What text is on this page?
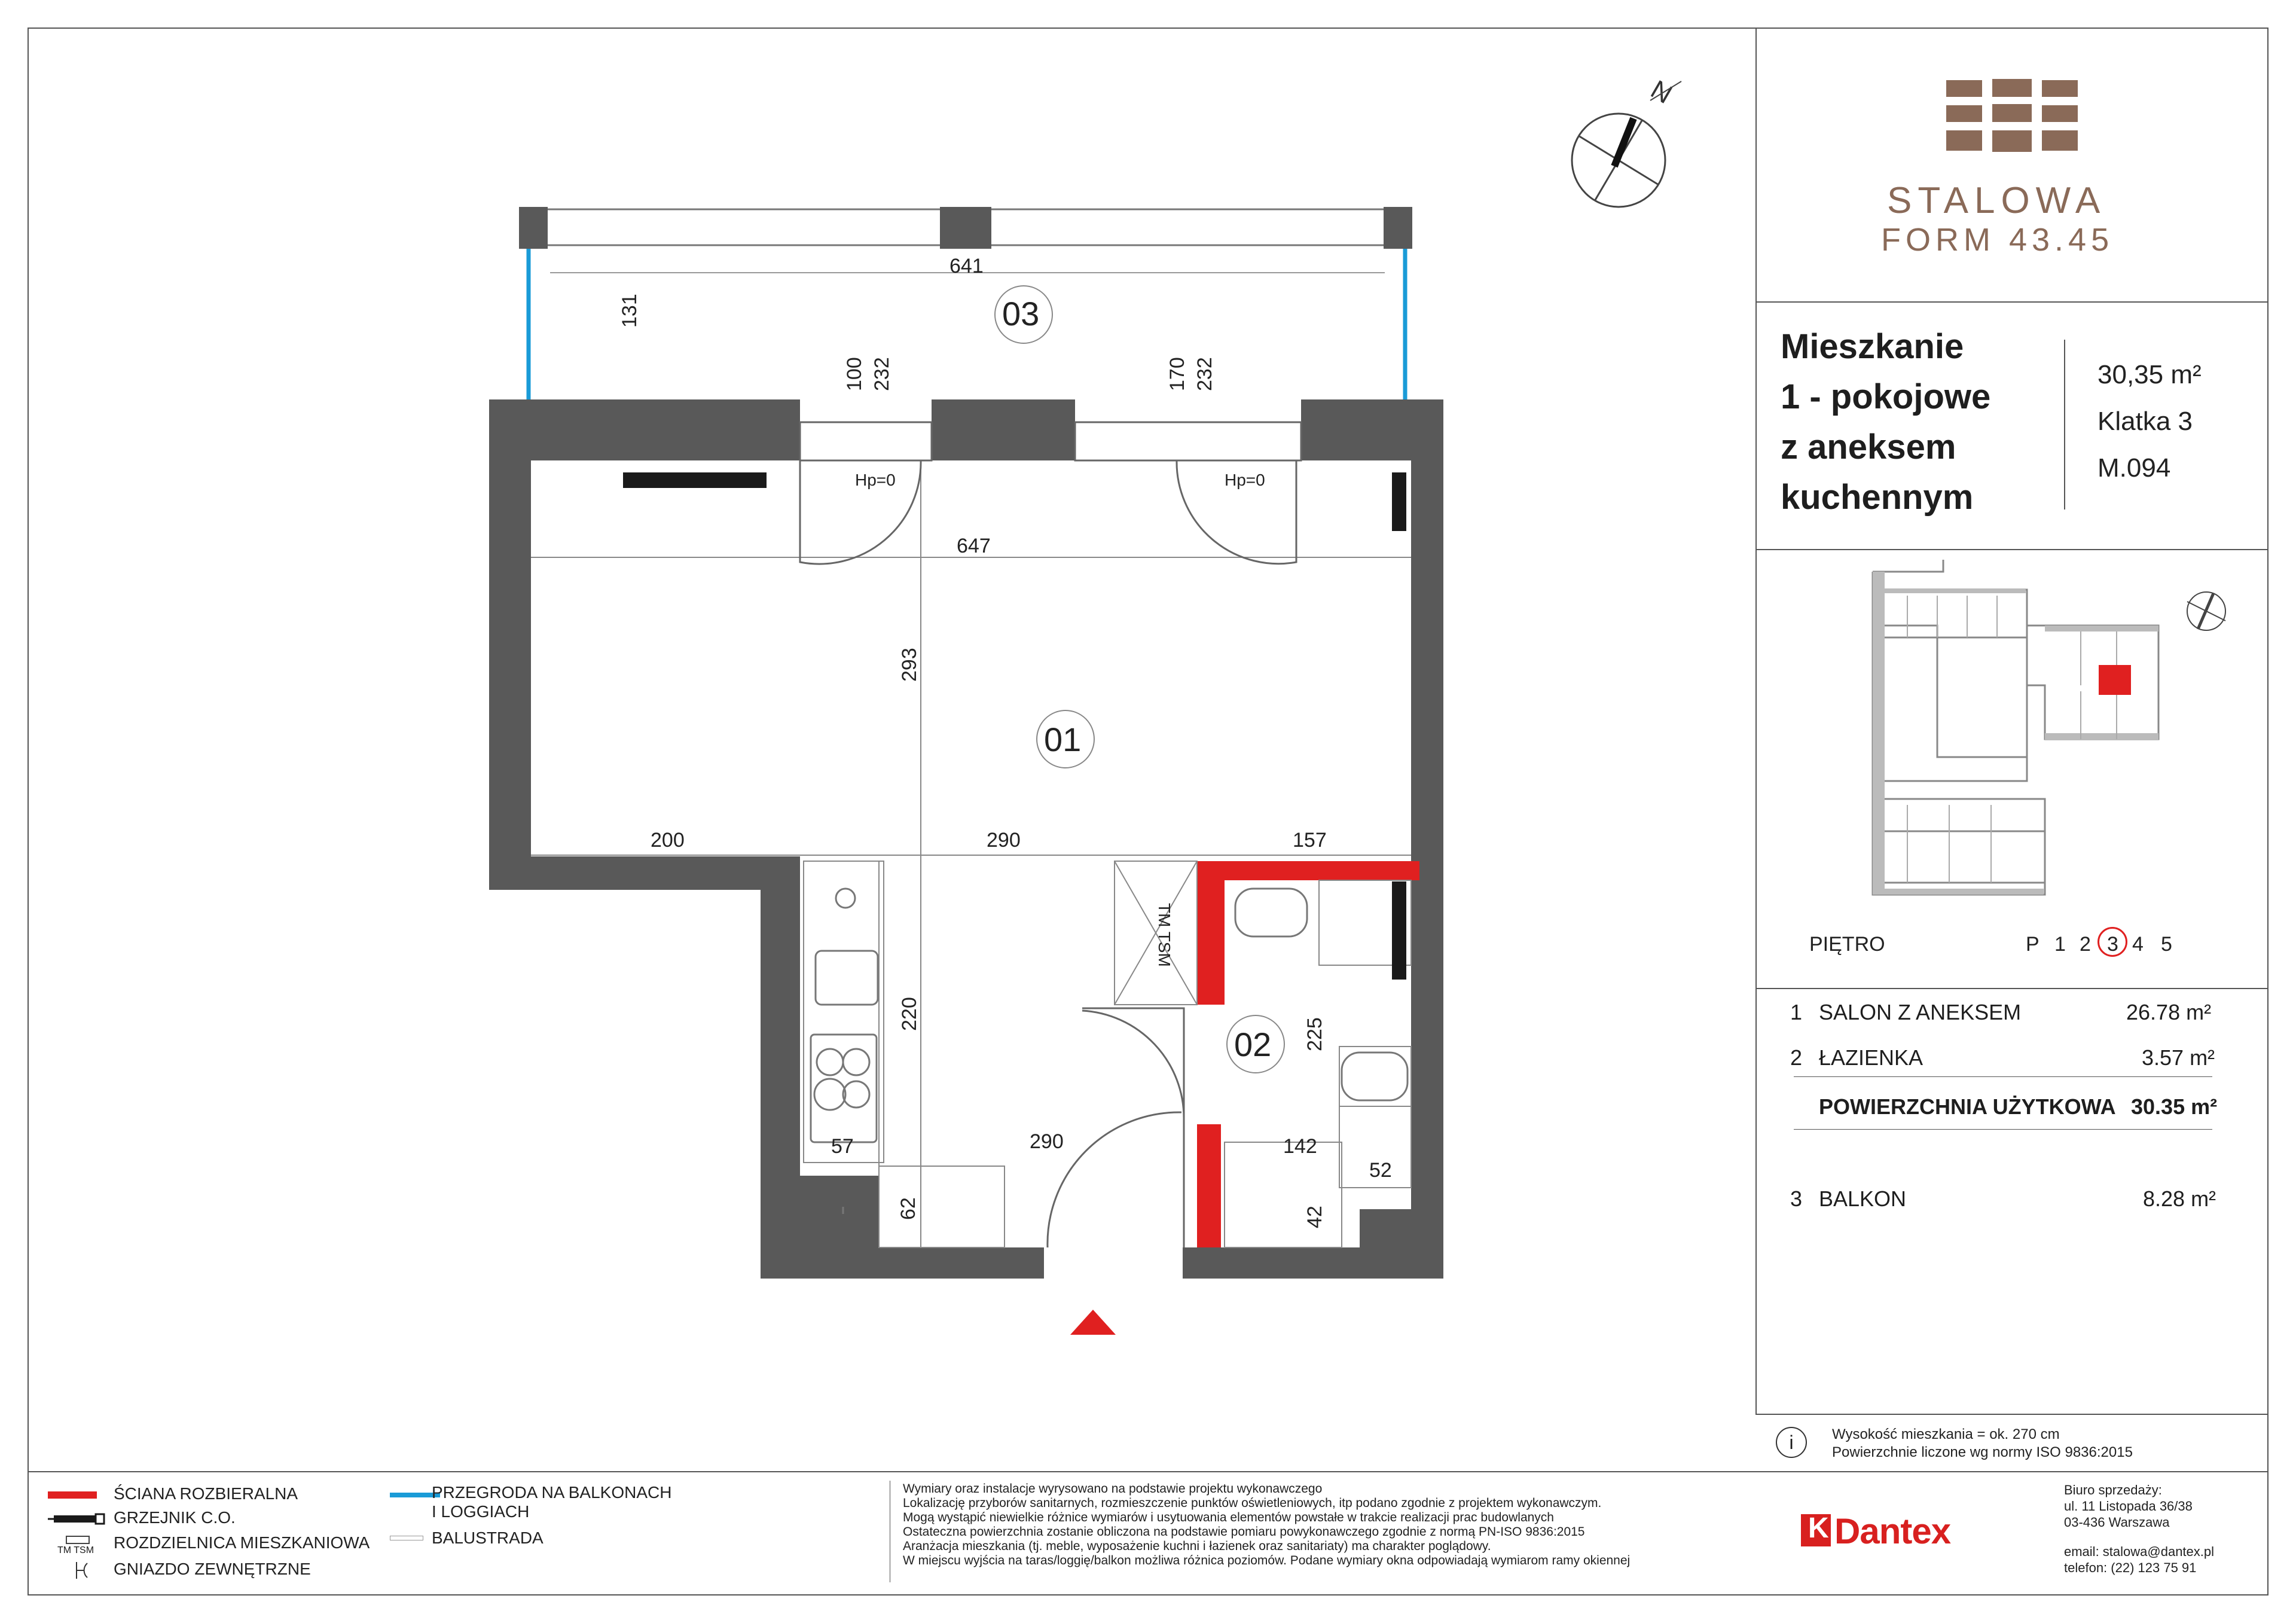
N
03
01
02
641
131
100 232	170 232
Hp=0	Hp=0
647
293
200	290	157
220
225
290
57	142
52
62	42
TM TSM
STALOWA
FORM 43.45
Mieszkanie
1 - pokojowe
z aneksem
kuchennym
30,35 m²
Klatka 3
M.094
PIĘTRO	P 1 2 3 4 5
1 SALON Z ANEKSEM	26.78 m²
2 ŁAZIENKA	3.57 m²
POWIERZCHNIA UŻYTKOWA 30.35 m²
3 BALKON	8.28 m²
i	Wysokość mieszkania = ok. 270 cm
Powierzchnie liczone wg normy ISO 9836:2015
ŚCIANA ROZBIERALNA
GRZEJNIK C.O.
TM TSM ROZDZIELNICA MIESZKANIOWA
GNIAZDO ZEWNĘTRZNE
PRZEGRODA NA BALKONACH
I LOGGIACH
BALUSTRADA
Wymiary oraz instalacje wyrysowano na podstawie projektu wykonawczego
Lokalizację przyborów sanitarnych, rozmieszczenie punktów oświetleniowych, itp podano zgodnie z projektem wykonawczym.
Mogą wystąpić niewielkie różnice wymiarów i usytuowania elementów powstałe w trakcie realizacji prac budowlanych
Ostateczna powierzchnia zostanie obliczona na podstawie pomiaru powykonawczego zgodnie z normą PN-ISO 9836:2015
Aranżacja mieszkania (tj. meble, wyposażenie kuchni i łazienek oraz sanitariaty) ma charakter poglądowy.
W miejscu wyjścia na taras/loggię/balkon możliwa różnica poziomów. Podane wymiary okna odpowiadają wymiarom ramy okiennej
K Dantex
Biuro sprzedaży:
ul. 11 Listopada 36/38
03-436 Warszawa
email: stalowa@dantex.pl
telefon: (22) 123 75 91
